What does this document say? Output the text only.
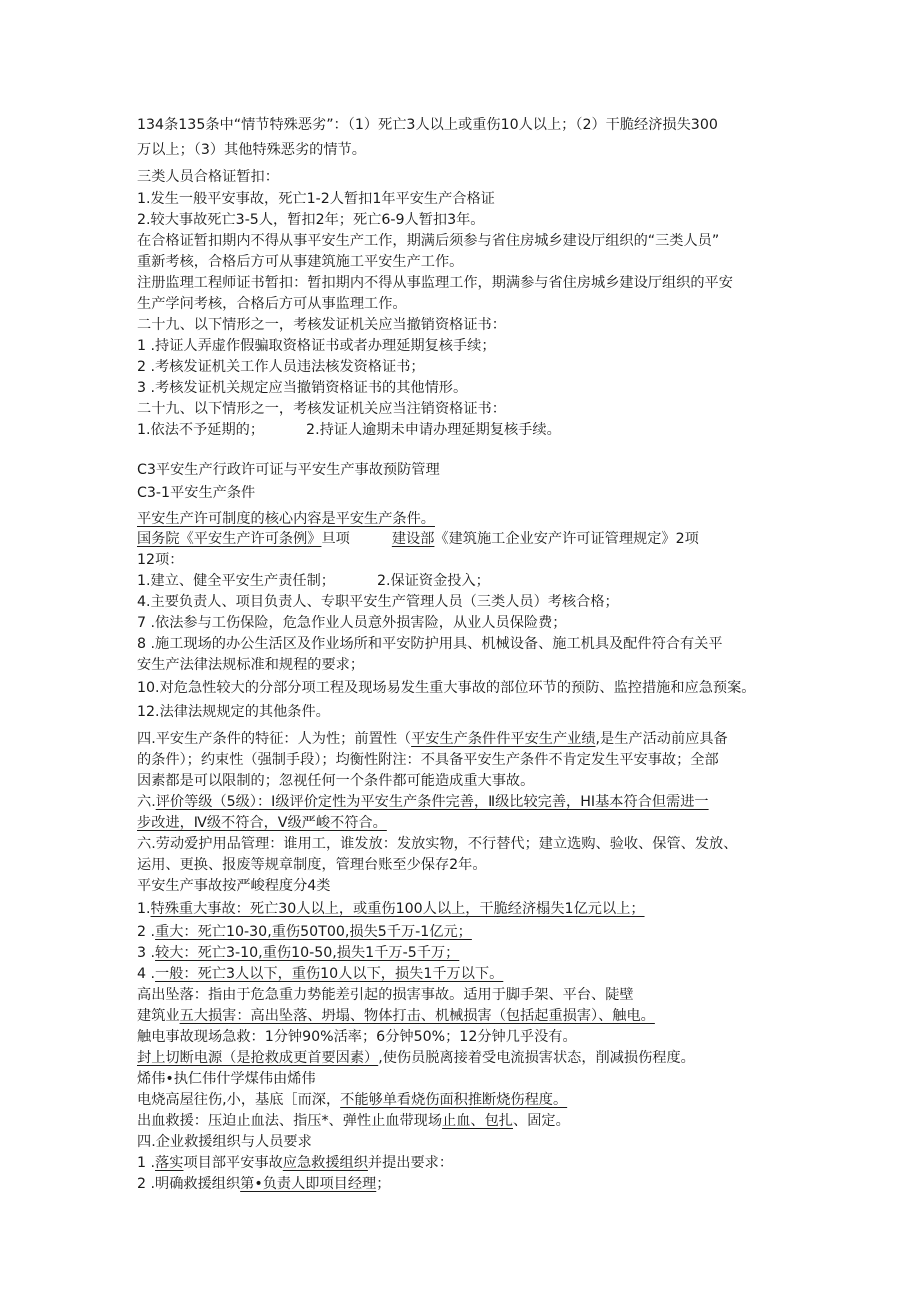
134条135条中“情节特殊恶劣”：（1）死亡3人以上或重伤10人以上；（2）干脆经济损失300
万以上；（3）其他特殊恶劣的情节。
三类人员合格证暂扣：
1.发生一般平安事故，死亡1-2人暂扣1年平安生产合格证
2.较大事故死亡3-5人，暂扣2年；死亡6-9人暂扣3年。
在合格证暂扣期内不得从事平安生产工作，期满后须参与省住房城乡建设厅组织的“三类人员”
重新考核，合格后方可从事建筑施工平安生产工作。
注册监理工程师证书暂扣：暂扣期内不得从事监理工作，期满参与省住房城乡建设厅组织的平安
生产学问考核，合格后方可从事监理工作。
二十九、以下情形之一，考核发证机关应当撤销资格证书：
1 .持证人弄虚作假骗取资格证书或者办理延期复核手续；
2 .考核发证机关工作人员违法核发资格证书；
3 .考核发证机关规定应当撤销资格证书的其他情形。
二十九、以下情形之一，考核发证机关应当注销资格证书：
1.依法不予延期的；	2.持证人逾期未申请办理延期复核手续。
C3平安生产行政许可证与平安生产事故预防管理
C3-1平安生产条件
平安生产许可制度的核心内容是平安生产条件。
国务院《平安生产许可条例》旦项	建设部《建筑施工企业安产许可证管理规定》2项
12项：
1.建立、健全平安生产责任制；	2.保证资金投入；
4.主要负责人、项目负责人、专职平安生产管理人员（三类人员）考核合格；
7 .依法参与工伤保险，危急作业人员意外损害险，从业人员保险费；
8 .施工现场的办公生活区及作业场所和平安防护用具、机械设备、施工机具及配件符合有关平
安生产法律法规标准和规程的要求；
10.对危急性较大的分部分项工程及现场易发生重大事故的部位环节的预防、监控措施和应急预案。
12.法律法规规定的其他条件。
四.平安生产条件的特征：人为性；前置性（平安生产条件件平安生产业绩,是生产活动前应具备
的条件）；约束性（强制手段）；均衡性附注：不具备平安生产条件不肯定发生平安事故；全部
因素都是可以限制的；忽视任何一个条件都可能造成重大事故。
六.评价等级（5级）：Ⅰ级评价定性为平安生产条件完善，Ⅱ级比较完善，HI基本符合但需进一
步改进，Ⅳ级不符合，Ⅴ级严峻不符合。
六.劳动爱护用品管理：谁用工，谁发放：发放实物，不行替代；建立选购、验收、保管、发放、
运用、更换、报废等规章制度，管理台账至少保存2年。
平安生产事故按严峻程度分4类
1.特殊重大事故：死亡30人以上，或重伤100人以上，干脆经济榻失1亿元以上；
2 .重大：死亡10-30,重伤50T00,损失5千万-1亿元；
3 .较大：死亡3-10,重伤10-50,损失1千万-5千万；
4 .一般：死亡3人以下，重伤10人以下，损失1千万以下。
高出坠落：指由于危急重力势能差引起的损害事故。适用于脚手架、平台、陡壁
建筑业五大损害：高出坠落、坍塌、物体打击、机械损害（包括起重损害）、触电。
触电事故现场急救：1分钟90%活率；6分钟50%；12分钟几乎没有。
封上切断电源（是抢救成更首要因素）,使伤员脱离接着受电流损害状态，削减损伤程度。
烯伟•执仁伟什学煤伟由烯伟
电烧高屋往伤,小，基底［而深，不能够单看烧伤面积推断烧伤程度。
出血救援：压迫止血法、指压*、弹性止血带现场止血、包扎、固定。
四.企业救援组织与人员要求
1 .落实项目部平安事故应急救援组织并提出要求：
2 .明确救援组织第•负责人即项目经理；
